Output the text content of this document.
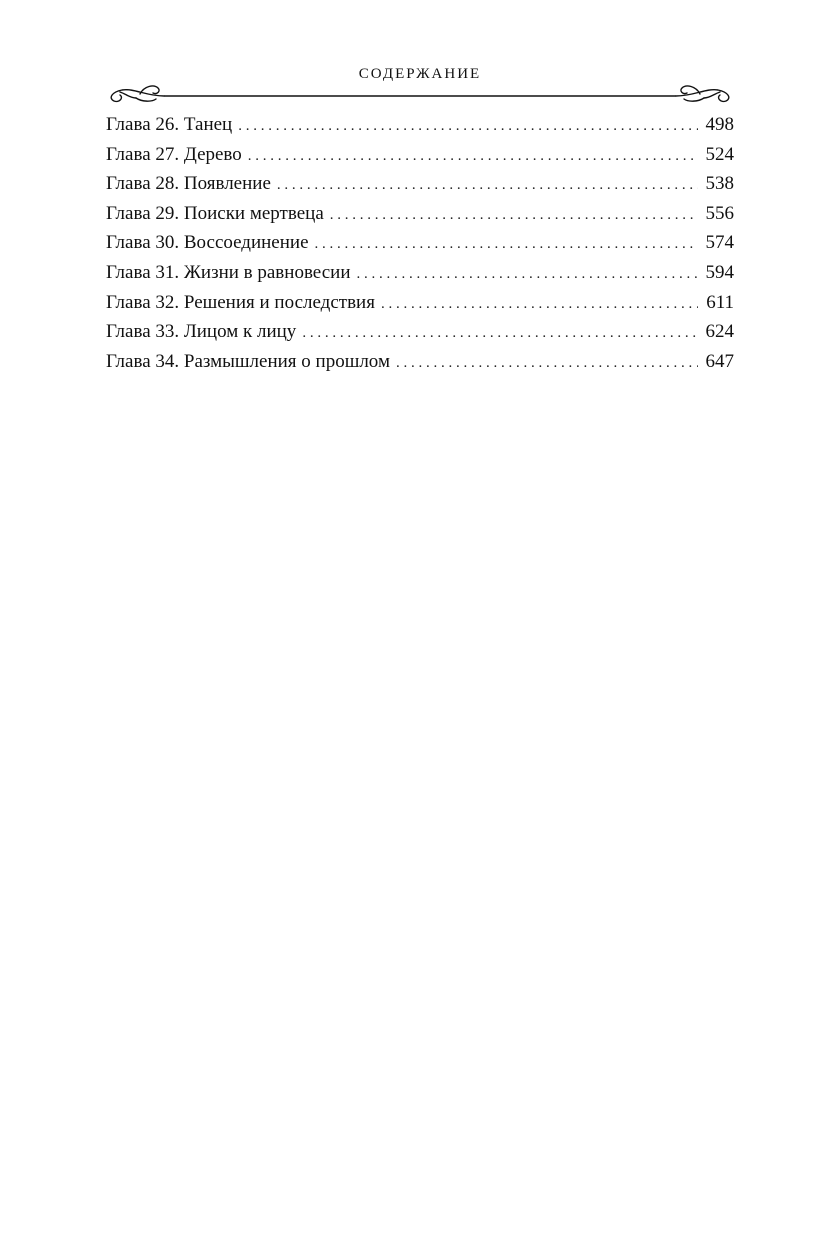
СОДЕРЖАНИЕ
Глава 26. Танец . . .	498
Глава 27. Дерево . . .	524
Глава 28. Появление . . .	538
Глава 29. Поиски мертвеца . . .	556
Глава 30. Воссоединение . . .	574
Глава 31. Жизни в равновесии . . .	594
Глава 32. Решения и последствия . . .	611
Глава 33. Лицом к лицу . . .	624
Глава 34. Размышления о прошлом . . .	647
